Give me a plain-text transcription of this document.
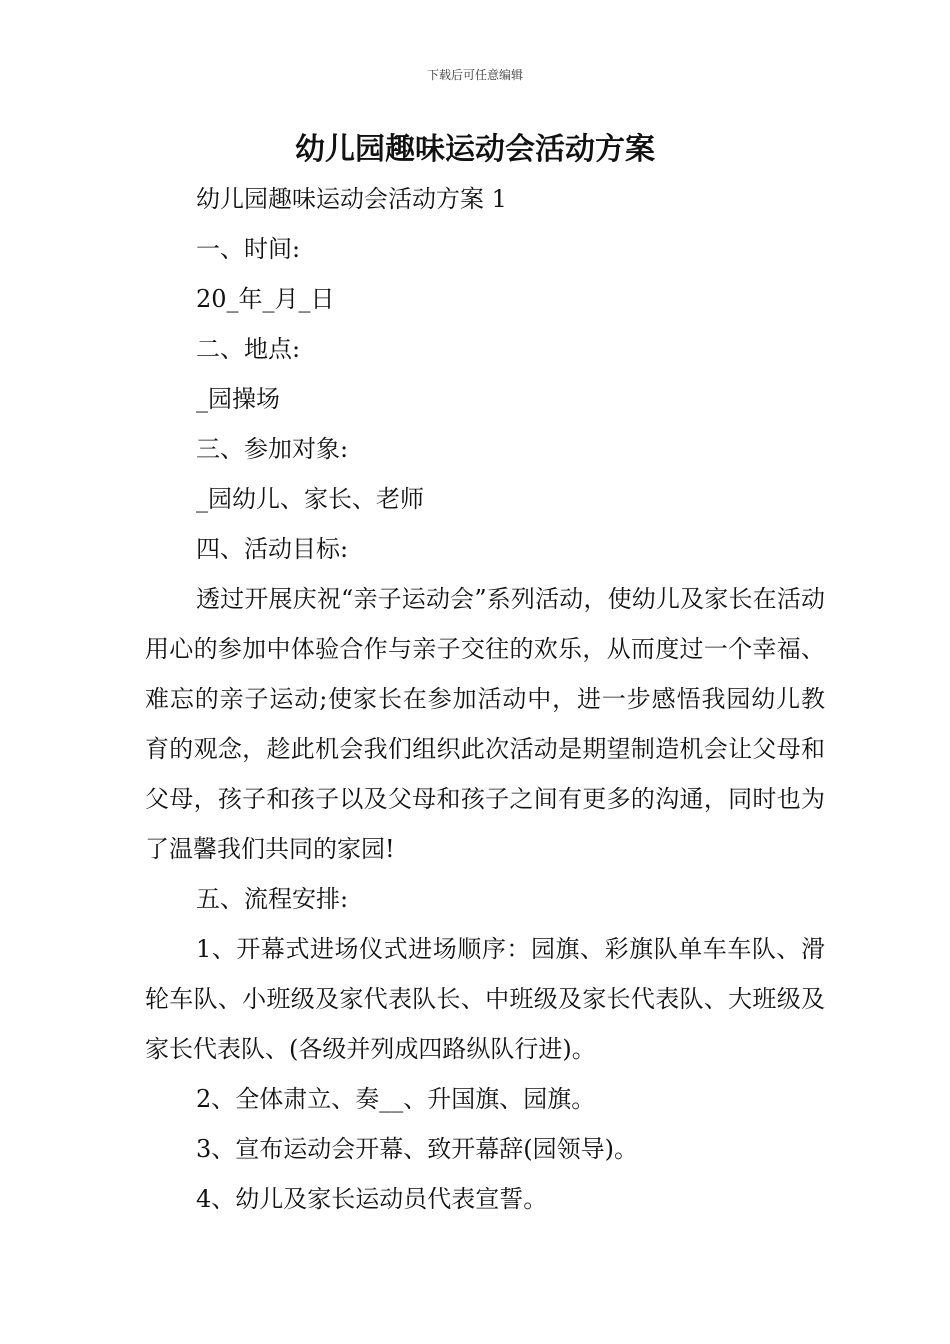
下载后可任意编辑
幼儿园趣味运动会活动方案

幼儿园趣味运动会活动方案 1

一、时间:

20_年_月_日

二、地点:

_园操场

三、参加对象:

_园幼儿、家长、老师

四、活动目标:

透过开展庆祝“亲子运动会”系列活动，使幼儿及家长在活动用心的参加中体验合作与亲子交往的欢乐，从而度过一个幸福、难忘的亲子运动;使家长在参加活动中，进一步感悟我园幼儿教育的观念，趁此机会我们组织此次活动是期望制造机会让父母和父母，孩子和孩子以及父母和孩子之间有更多的沟通，同时也为了温馨我们共同的家园!

五、流程安排:

1、开幕式进场仪式进场顺序：园旗、彩旗队单车车队、滑轮车队、小班级及家代表队长、中班级及家长代表队、大班级及家长代表队、(各级并列成四路纵队行进)。

2、全体肃立、奏__、升国旗、园旗。

3、宣布运动会开幕、致开幕辞(园领导)。

4、幼儿及家长运动员代表宣誓。
